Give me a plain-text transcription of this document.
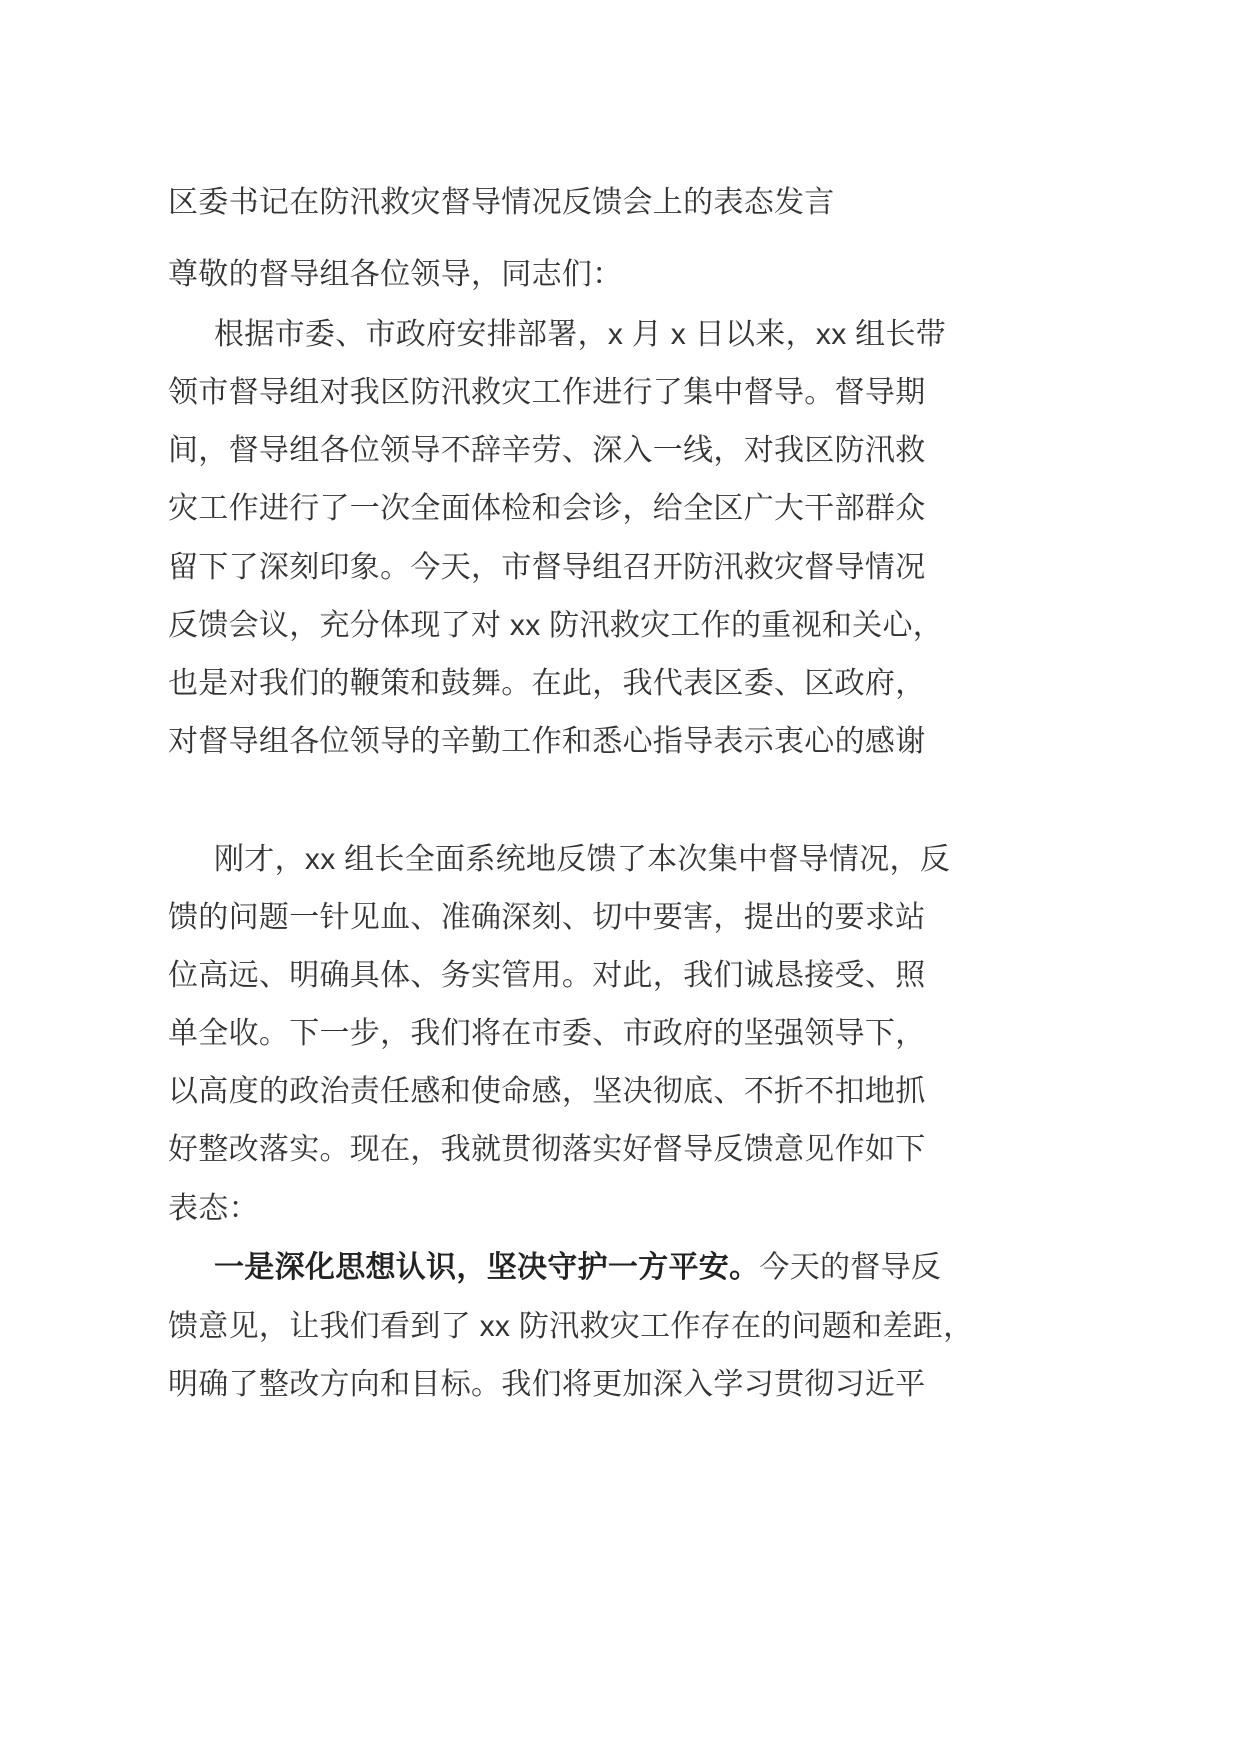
区委书记在防汛救灾督导情况反馈会上的表态发言
尊敬的督导组各位领导，同志们：
根据市委、市政府安排部署，x 月 x 日以来，xx 组长带
领市督导组对我区防汛救灾工作进行了集中督导。督导期
间，督导组各位领导不辞辛劳、深入一线，对我区防汛救
灾工作进行了一次全面体检和会诊，给全区广大干部群众
留下了深刻印象。今天，市督导组召开防汛救灾督导情况
反馈会议，充分体现了对 xx 防汛救灾工作的重视和关心，
也是对我们的鞭策和鼓舞。在此，我代表区委、区政府，
对督导组各位领导的辛勤工作和悉心指导表示衷心的感谢
刚才，xx 组长全面系统地反馈了本次集中督导情况，反
馈的问题一针见血、准确深刻、切中要害，提出的要求站
位高远、明确具体、务实管用。对此，我们诚恳接受、照
单全收。下一步，我们将在市委、市政府的坚强领导下，
以高度的政治责任感和使命感，坚决彻底、不折不扣地抓
好整改落实。现在，我就贯彻落实好督导反馈意见作如下
表态：
一是深化思想认识，坚决守护一方平安。今天的督导反
馈意见，让我们看到了 xx 防汛救灾工作存在的问题和差距，
明确了整改方向和目标。我们将更加深入学习贯彻习近平
